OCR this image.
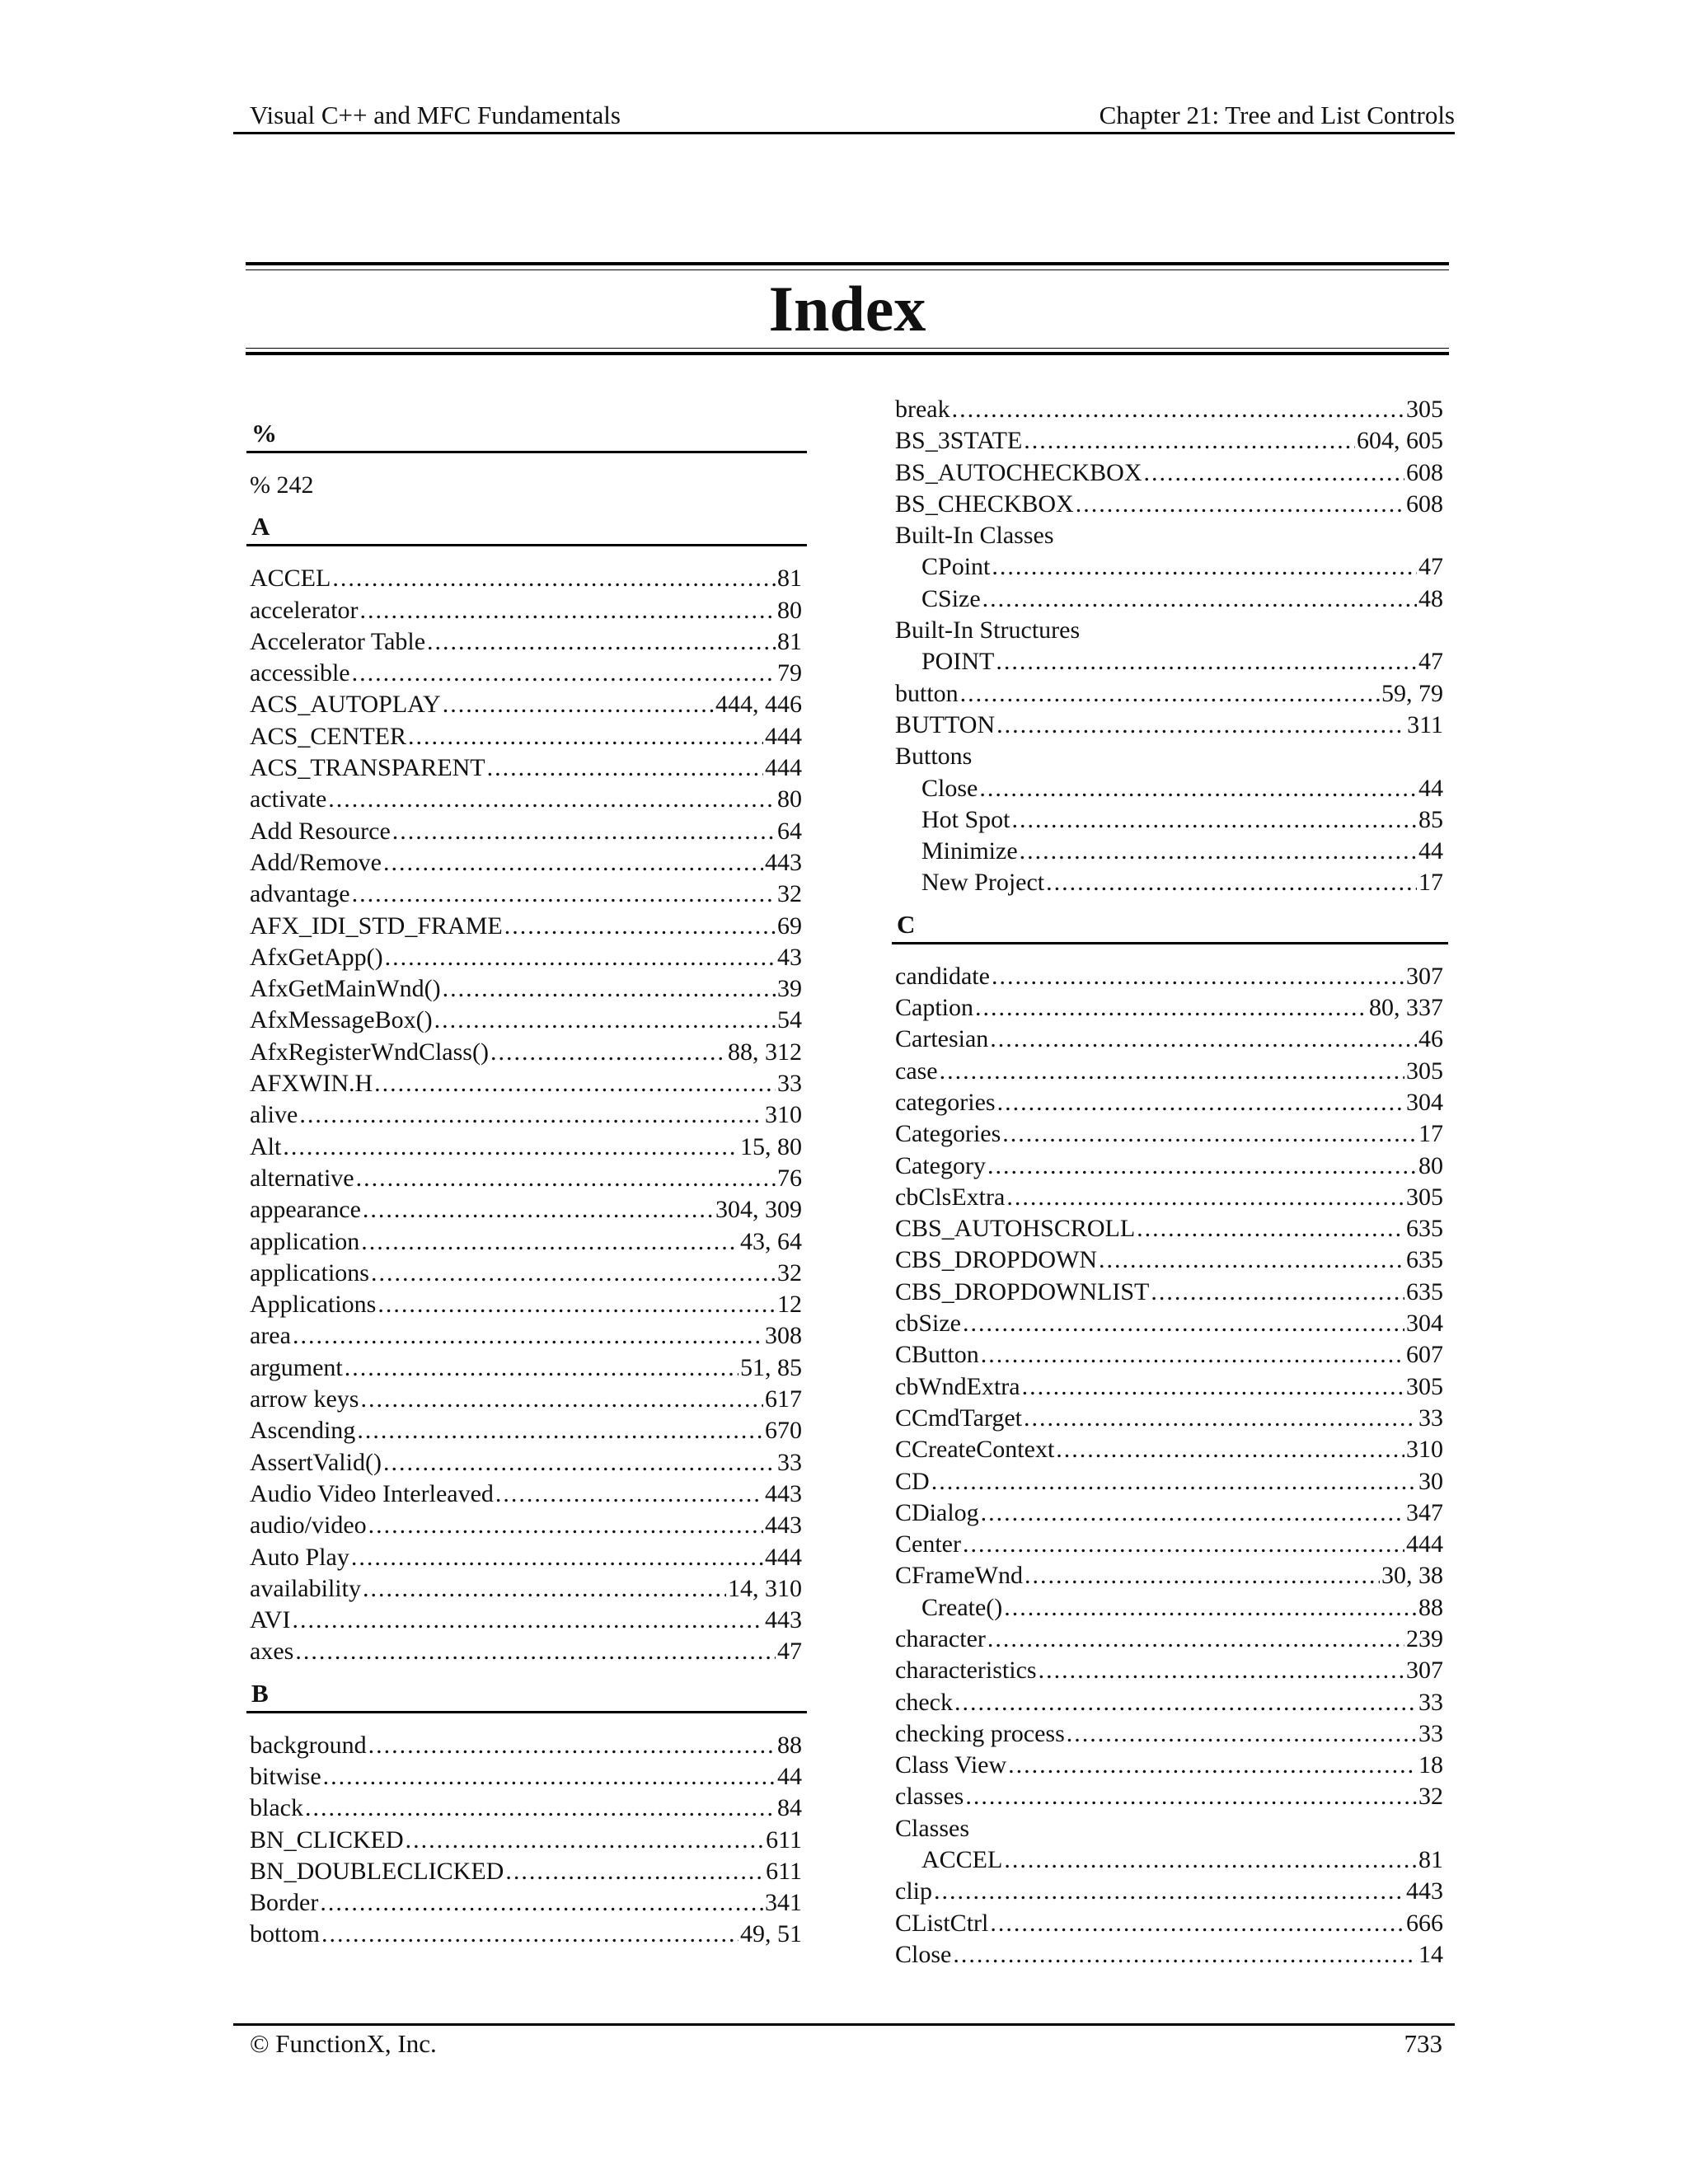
Visual C++ and MFC Fundamentals	Chapter 21: Tree and List Controls
Index
%
% 242
A
ACCEL .....	81
accelerator .....	80
Accelerator Table .....	81
accessible .....	79
ACS_AUTOPLAY .....	444, 446
ACS_CENTER .....	444
ACS_TRANSPARENT .....	444
activate .....	80
Add Resource .....	64
Add/Remove .....	443
advantage .....	32
AFX_IDI_STD_FRAME .....	69
AfxGetApp() .....	43
AfxGetMainWnd() .....	39
AfxMessageBox() .....	54
AfxRegisterWndClass() .....	88, 312
AFXWIN.H .....	33
alive .....	310
Alt .....	15, 80
alternative .....	76
appearance .....	304, 309
application .....	43, 64
applications .....	32
Applications .....	12
area .....	308
argument .....	51, 85
arrow keys .....	617
Ascending .....	670
AssertValid() .....	33
Audio Video Interleaved .....	443
audio/video .....	443
Auto Play .....	444
availability .....	14, 310
AVI .....	443
axes .....	47
B
background .....	88
bitwise .....	44
black .....	84
BN_CLICKED .....	611
BN_DOUBLECLICKED .....	611
Border .....	341
bottom .....	49, 51
break .....	305
BS_3STATE .....	604, 605
BS_AUTOCHECKBOX .....	608
BS_CHECKBOX .....	608
Built-In Classes
CPoint .....	47
CSize .....	48
Built-In Structures
POINT .....	47
button .....	59, 79
BUTTON .....	311
Buttons
Close .....	44
Hot Spot .....	85
Minimize .....	44
New Project .....	17
C
candidate .....	307
Caption .....	80, 337
Cartesian .....	46
case .....	305
categories .....	304
Categories .....	17
Category .....	80
cbClsExtra .....	305
CBS_AUTOHSCROLL .....	635
CBS_DROPDOWN .....	635
CBS_DROPDOWNLIST .....	635
cbSize .....	304
CButton .....	607
cbWndExtra .....	305
CCmdTarget .....	33
CCreateContext .....	310
CD .....	30
CDialog .....	347
Center .....	444
CFrameWnd .....	30, 38
Create() .....	88
character .....	239
characteristics .....	307
check .....	33
checking process .....	33
Class View .....	18
classes .....	32
Classes
ACCEL .....	81
clip .....	443
CListCtrl .....	666
Close .....	14
© FunctionX, Inc.	733
